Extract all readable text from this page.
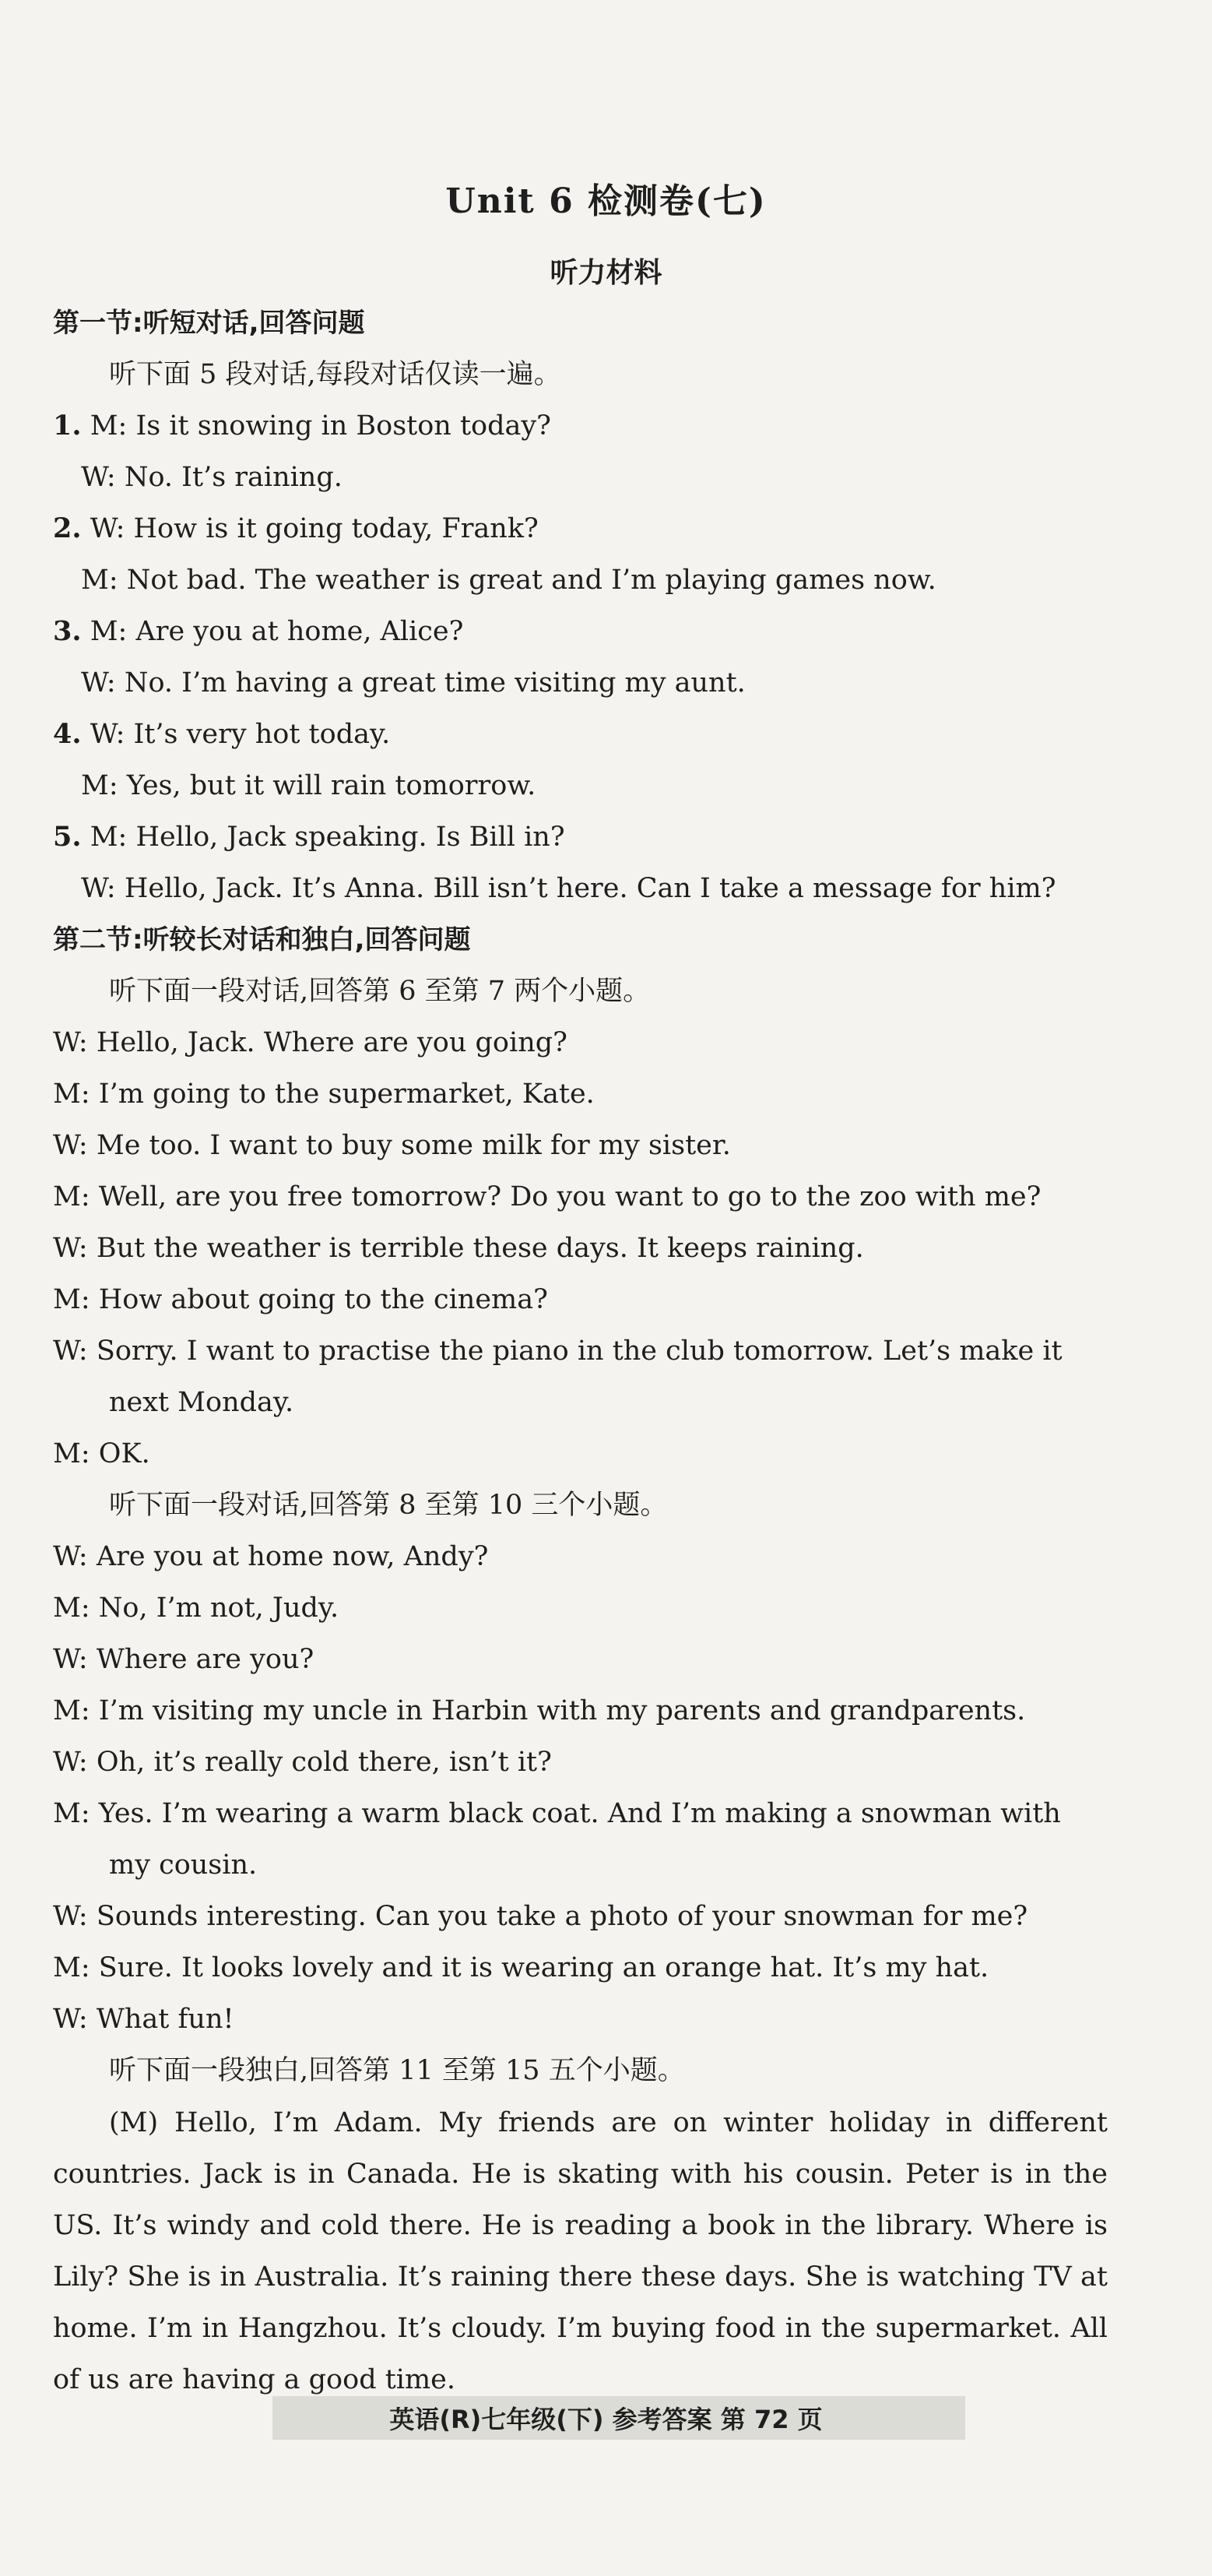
Unit 6 检测卷(七)
听力材料
第一节:听短对话,回答问题
听下面 5 段对话,每段对话仅读一遍。
1. M: Is it snowing in Boston today?
W: No. It’s raining.
2. W: How is it going today, Frank?
M: Not bad. The weather is great and I’m playing games now.
3. M: Are you at home, Alice?
W: No. I’m having a great time visiting my aunt.
4. W: It’s very hot today.
M: Yes, but it will rain tomorrow.
5. M: Hello, Jack speaking. Is Bill in?
W: Hello, Jack. It’s Anna. Bill isn’t here. Can I take a message for him?
第二节:听较长对话和独白,回答问题
听下面一段对话,回答第 6 至第 7 两个小题。
W: Hello, Jack. Where are you going?
M: I’m going to the supermarket, Kate.
W: Me too. I want to buy some milk for my sister.
M: Well, are you free tomorrow? Do you want to go to the zoo with me?
W: But the weather is terrible these days. It keeps raining.
M: How about going to the cinema?
W: Sorry. I want to practise the piano in the club tomorrow. Let’s make it
next Monday.
M: OK.
听下面一段对话,回答第 8 至第 10 三个小题。
W: Are you at home now, Andy?
M: No, I’m not, Judy.
W: Where are you?
M: I’m visiting my uncle in Harbin with my parents and grandparents.
W: Oh, it’s really cold there, isn’t it?
M: Yes. I’m wearing a warm black coat. And I’m making a snowman with
my cousin.
W: Sounds interesting. Can you take a photo of your snowman for me?
M: Sure. It looks lovely and it is wearing an orange hat. It’s my hat.
W: What fun!
听下面一段独白,回答第 11 至第 15 五个小题。
(M) Hello, I’m Adam. My friends are on winter holiday in different countries. Jack is in Canada. He is skating with his cousin. Peter is in the US. It’s windy and cold there. He is reading a book in the library. Where is Lily? She is in Australia. It’s raining there these days. She is watching TV at home. I’m in Hangzhou. It’s cloudy. I’m buying food in the supermarket. All of us are having a good time.
英语(R)七年级(下) 参考答案 第 72 页
